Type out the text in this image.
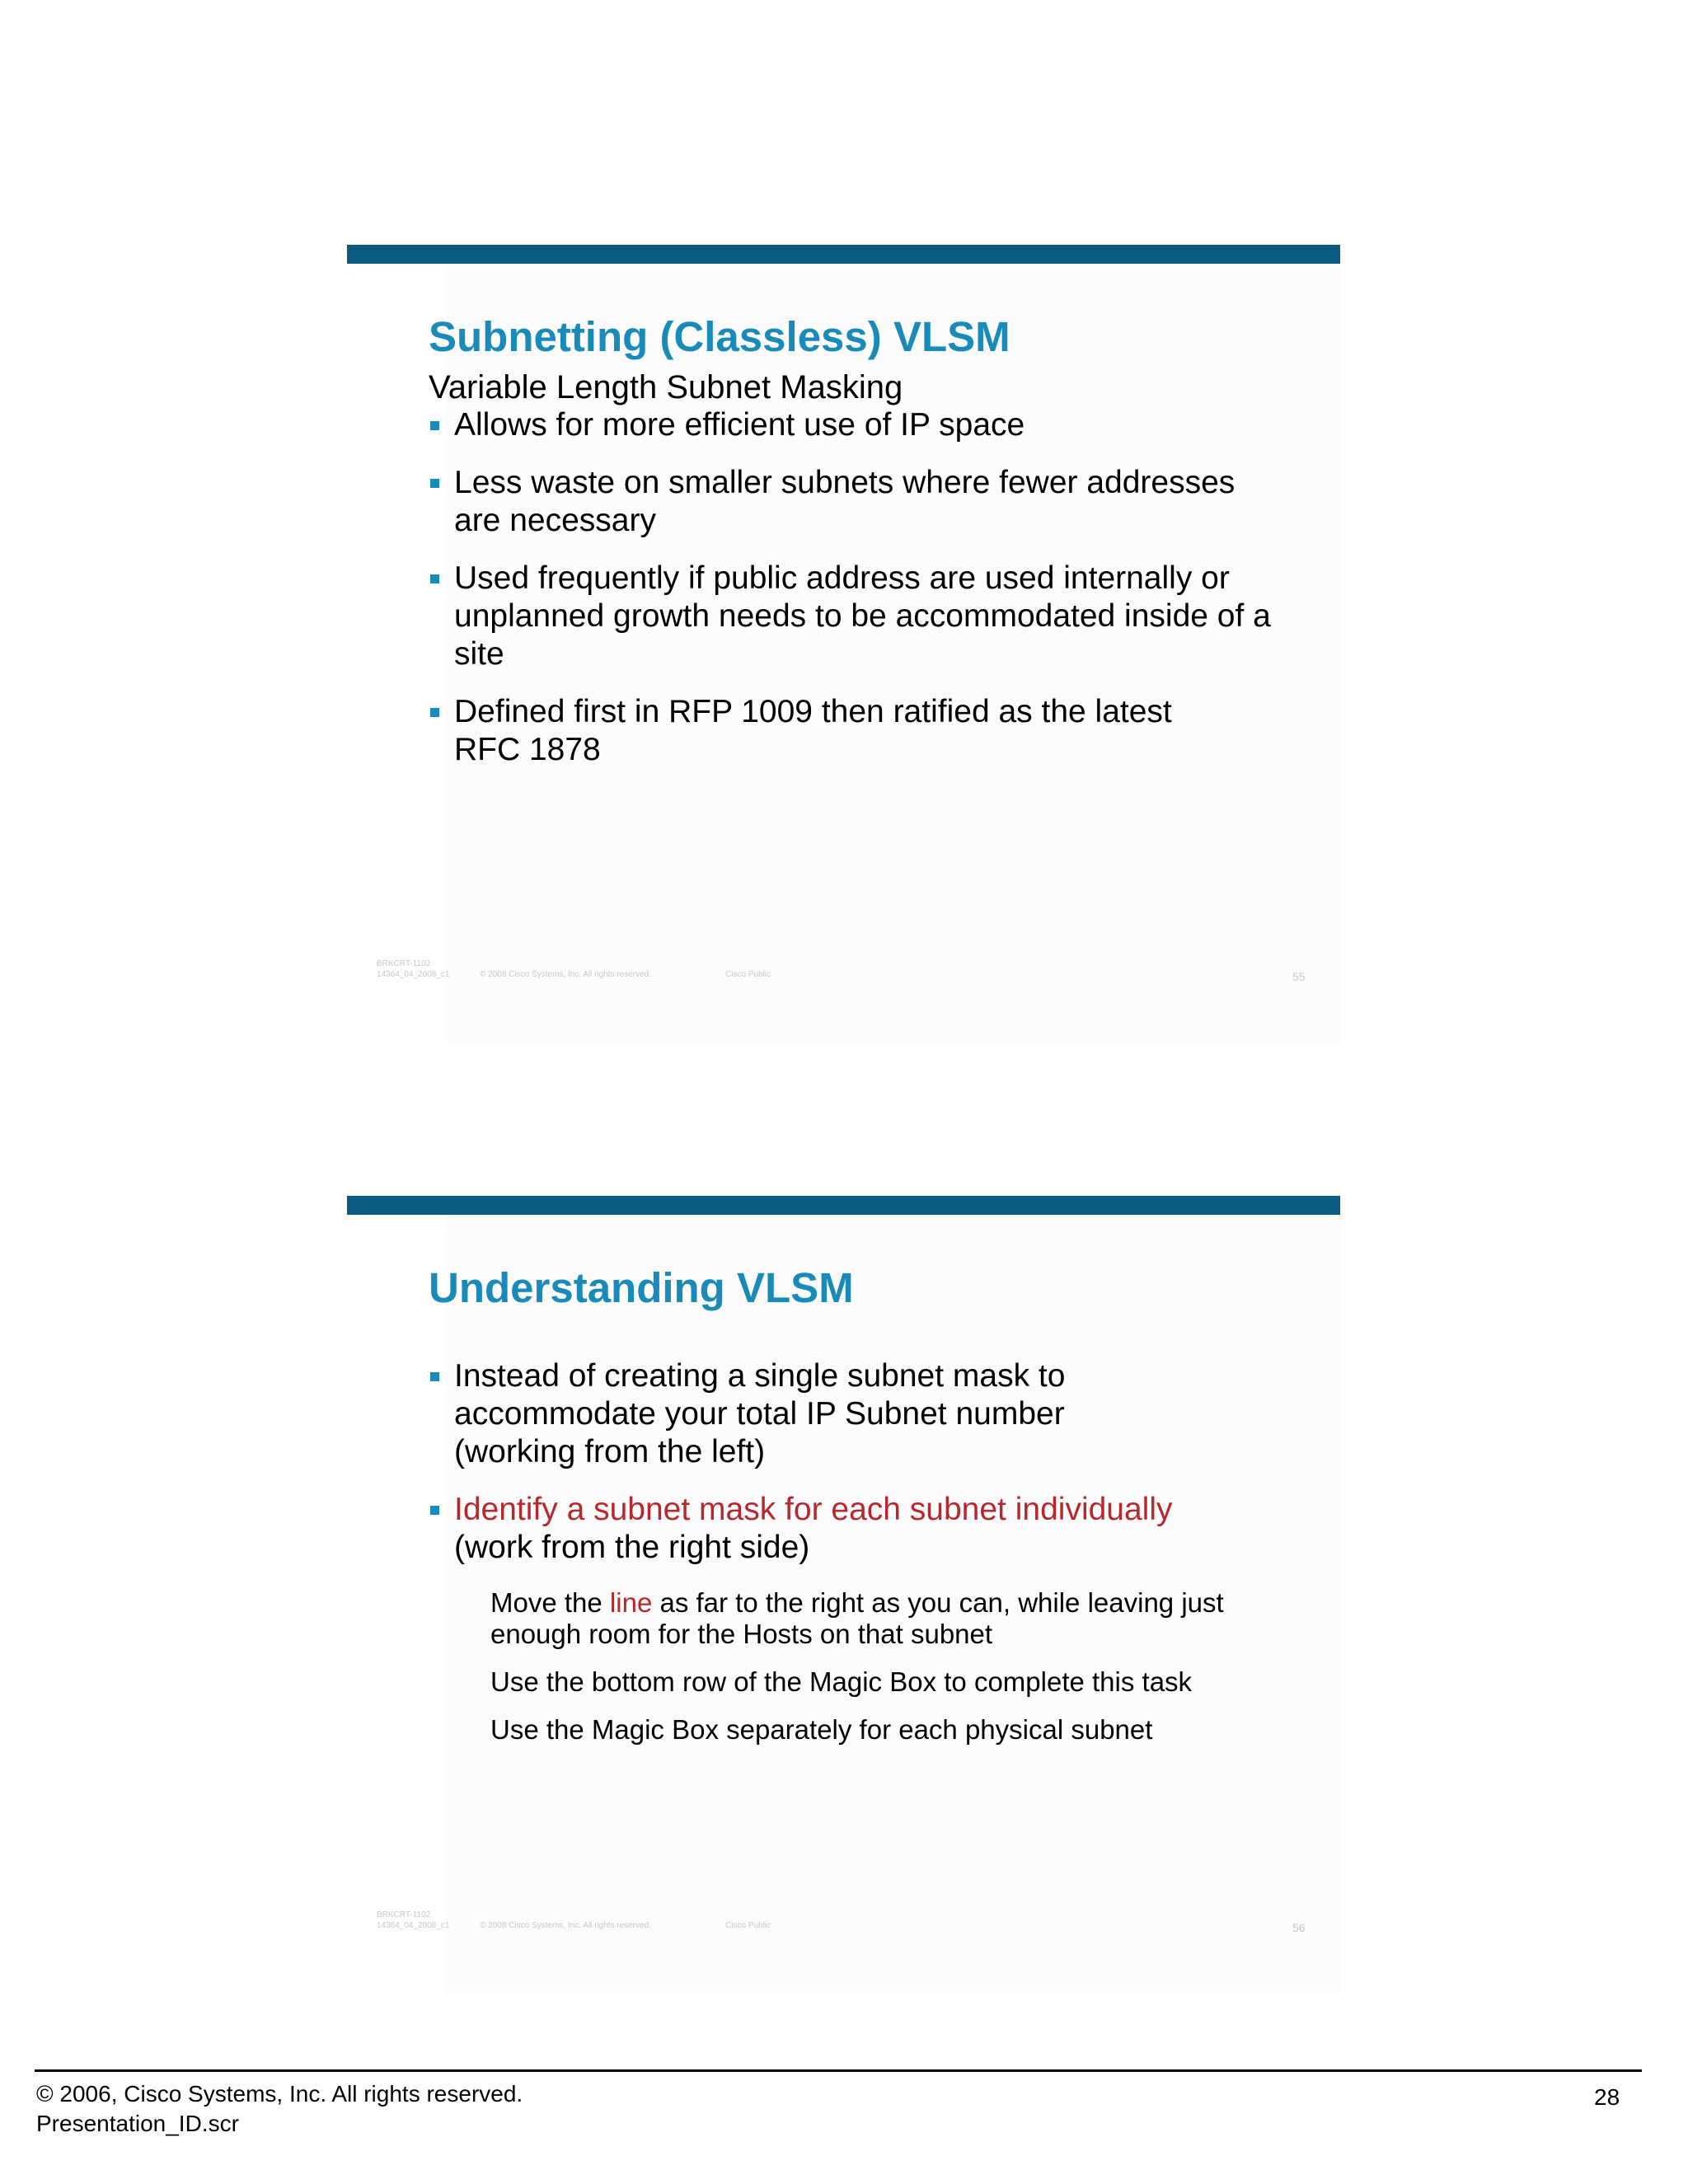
Subnetting (Classless) VLSM
Variable Length Subnet Masking
Allows for more efficient use of IP space
Less waste on smaller subnets where fewer addresses are necessary
Used frequently if public address are used internally or unplanned growth needs to be accommodated inside of a site
Defined first in RFP 1009 then ratified as the latest RFC 1878
BRKCRT-1102
14364_04_2008_c1	© 2008 Cisco Systems, Inc. All rights reserved.	Cisco Public	55
Understanding VLSM
Instead of creating a single subnet mask to accommodate your total IP Subnet number (working from the left)
Identify a subnet mask for each subnet individually
(work from the right side)
Move the line as far to the right as you can, while leaving just enough room for the Hosts on that subnet
Use the bottom row of the Magic Box to complete this task
Use the Magic Box separately for each physical subnet
BRKCRT-1102
14364_04_2008_c1	© 2008 Cisco Systems, Inc. All rights reserved.	Cisco Public	56
© 2006, Cisco Systems, Inc. All rights reserved.
Presentation_ID.scr
28
